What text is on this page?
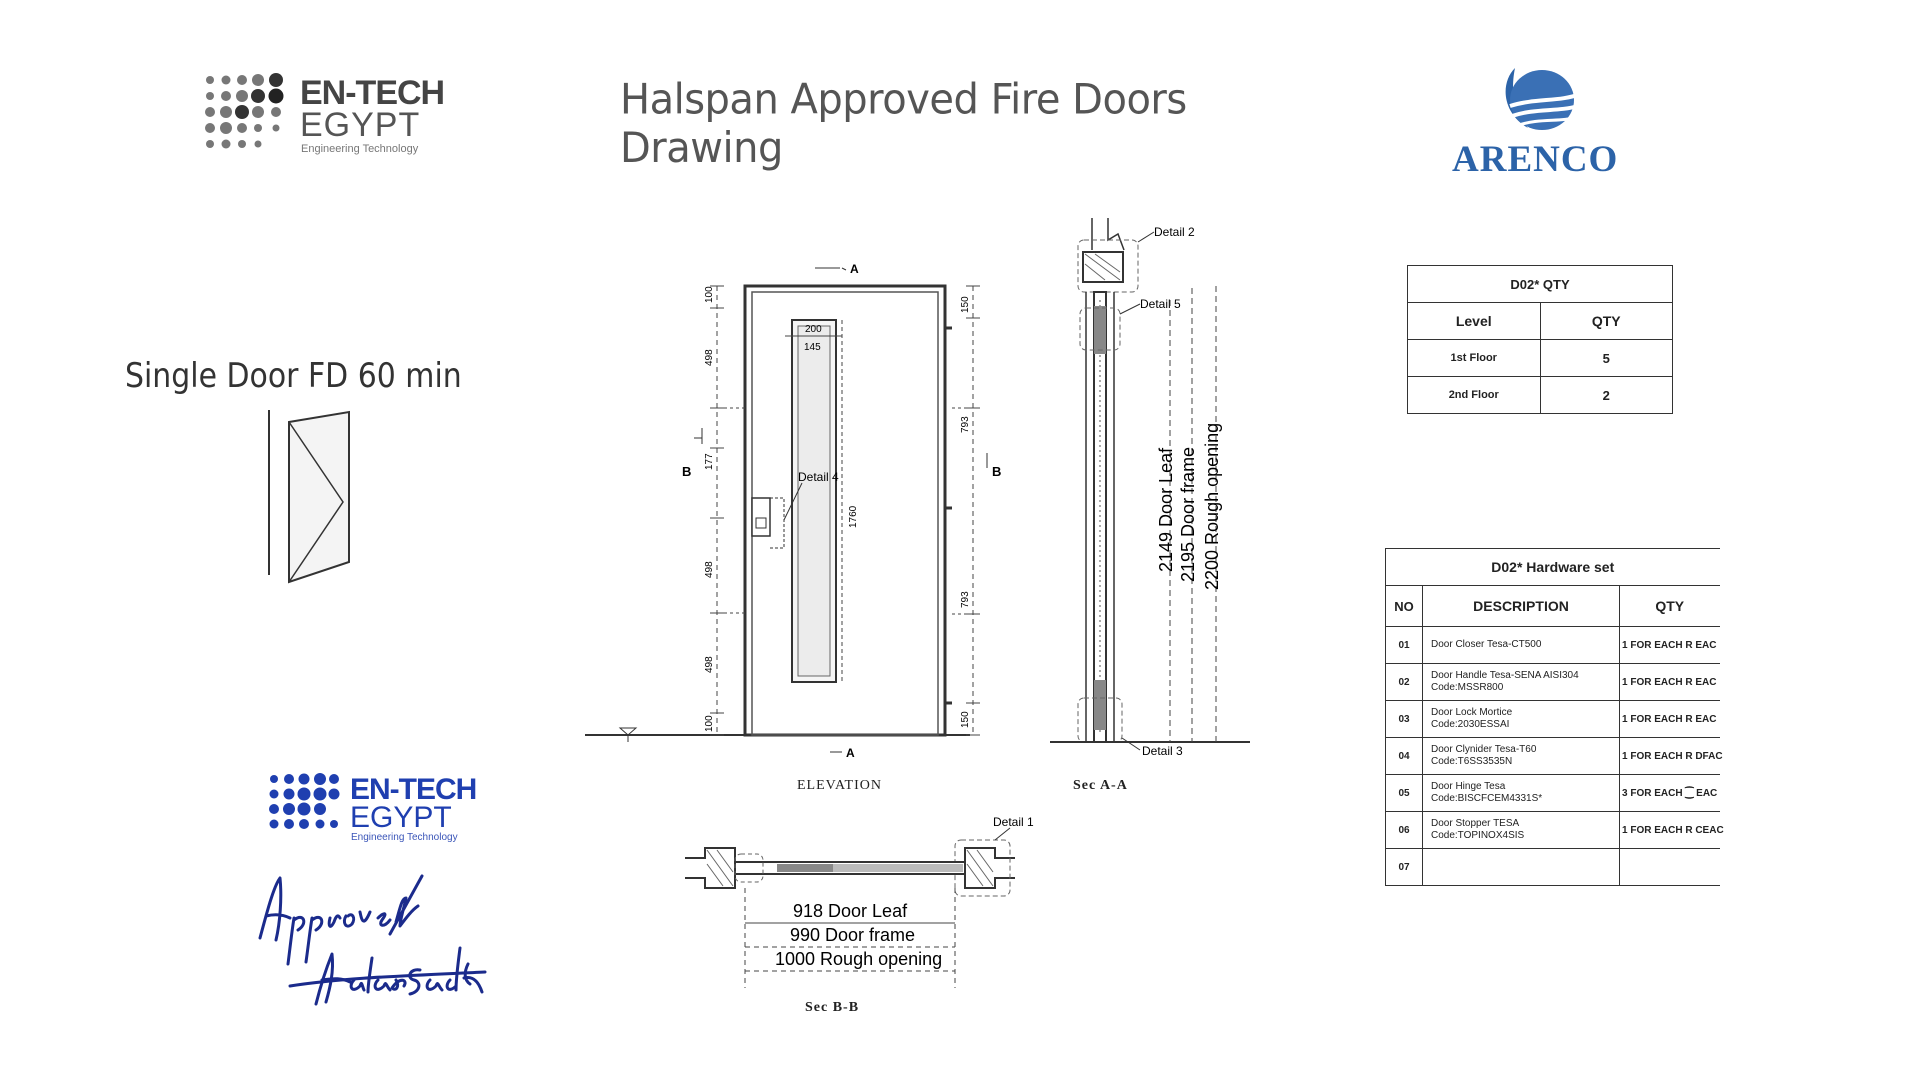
Halspan Approved Fire Doors Drawing
EN-TECH
EGYPT
Engineering Technology	ARENCO
Single Door FD 60 min
EN-TECH
EGYPT
Engineering Technology
100
498
177
498
498
100
150
793
793
150
200
145
1760
Detail 4
A
A
B	B
ELEVATION
Detail 2
Detail 5
Detail 3
2149 Door Leaf 2195 Door frame 2200 Rough opening
Sec A-A
Detail 1
918 Door Leaf
990 Door frame
1000 Rough opening
Sec B-B
D02* QTY	
Level	QTY
1st Floor	5
2nd Floor	2
D02* Hardware set		
NO	DESCRIPTION	QTY
01	Door Closer Tesa-CT500	1 FOR EACH R EAC
02	Door Handle Tesa-SENA AISI304
Code:MSSR800	1 FOR EACH R EAC
03	Door Lock Mortice
Code:2030ESSAI	1 FOR EACH R EAC
04	Door Clynider Tesa-T60
Code:T6SS3535N	1 FOR EACH R DFAC
05	Door Hinge Tesa
Code:BISCFCEM4331S*	3 FOR EACH ⁐ EAC
06	Door Stopper TESA
Code:TOPINOX4SIS	1 FOR EACH R CEAC
07	
